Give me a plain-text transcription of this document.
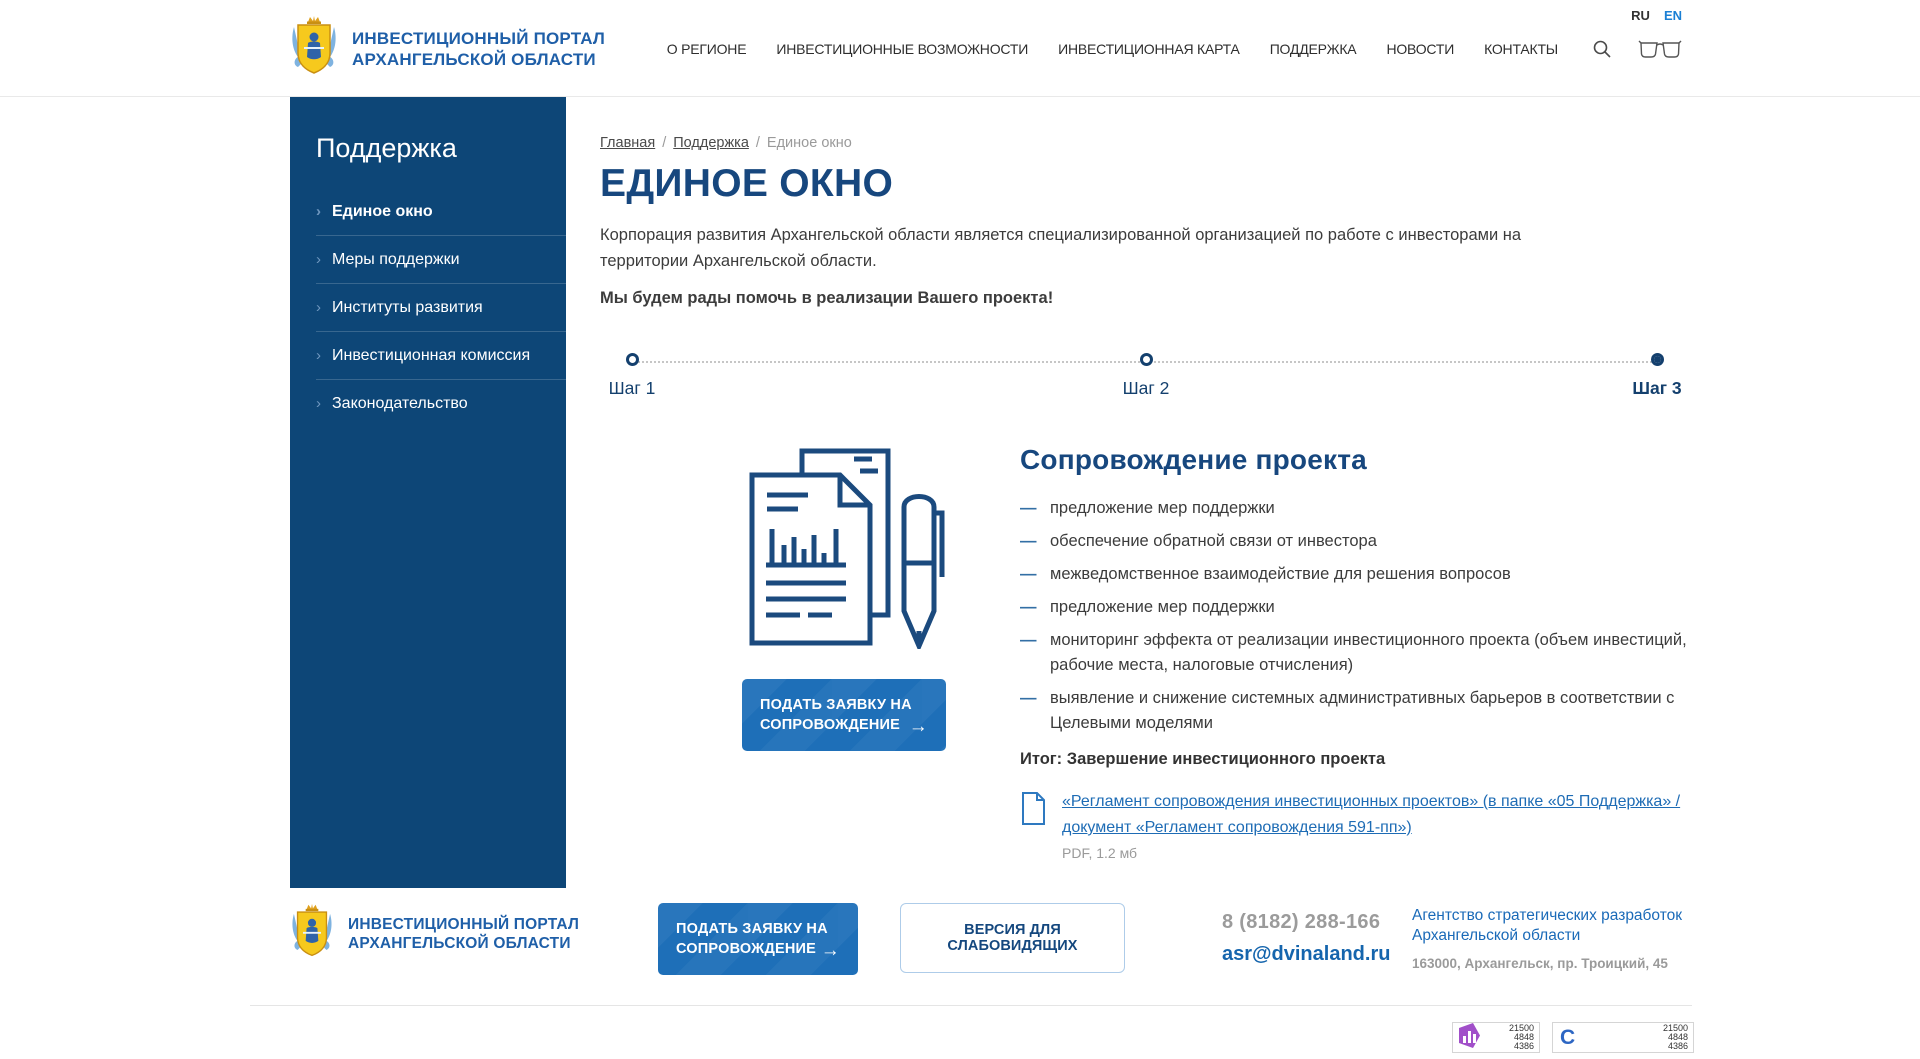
ИНВЕСТИЦИОННЫЙ ПОРТАЛ
АРХАНГЕЛЬСКОЙ ОБЛАСТИ
О РЕГИОНЕ ИНВЕСТИЦИОННЫЕ ВОЗМОЖНОСТИ ИНВЕСТИЦИОННАЯ КАРТА ПОДДЕРЖКА НОВОСТИ КОНТАКТЫ
RU EN
Поддержка
› Единое окно
› Меры поддержки
› Институты развития
› Инвестиционная комиссия
› Законодательство
Главная / Поддержка / Единое окно
ЕДИНОЕ ОКНО

Корпорация развития Архангельской области является специализированной организацией по работе с инвесторами на территории Архангельской области.

Мы будем рады помочь в реализации Вашего проекта!

Шаг 1	Шаг 2	Шаг 3
ПОДАТЬ ЗАЯВКУ НА
СОПРОВОЖДЕНИЕ →
Сопровождение проекта
— предложение мер поддержки
— обеспечение обратной связи от инвестора
— межведомственное взаимодействие для решения вопросов
— предложение мер поддержки
— мониторинг эффекта от реализации инвестиционного проекта (объем инвестиций, рабочие места, налоговые отчисления)
— выявление и снижение системных административных барьеров в соответствии с Целевыми моделями
Итог: Завершение инвестиционного проекта
«Регламент сопровождения инвестиционных проектов» (в папке «05 Поддержка» / документ «Регламент сопровождения 591-пп»)
PDF, 1.2 мб
ИНВЕСТИЦИОННЫЙ ПОРТАЛ
АРХАНГЕЛЬСКОЙ ОБЛАСТИ
ПОДАТЬ ЗАЯВКУ НА
СОПРОВОЖДЕНИЕ →
ВЕРСИЯ ДЛЯ СЛАБОВИДЯЩИХ
8 (8182) 288-166
asr@dvinaland.ru
Агентство стратегических разработок
Архангельской области
163000, Архангельск, пр. Троицкий, 45
21500
4848
4386 C	21500
4848
4386
